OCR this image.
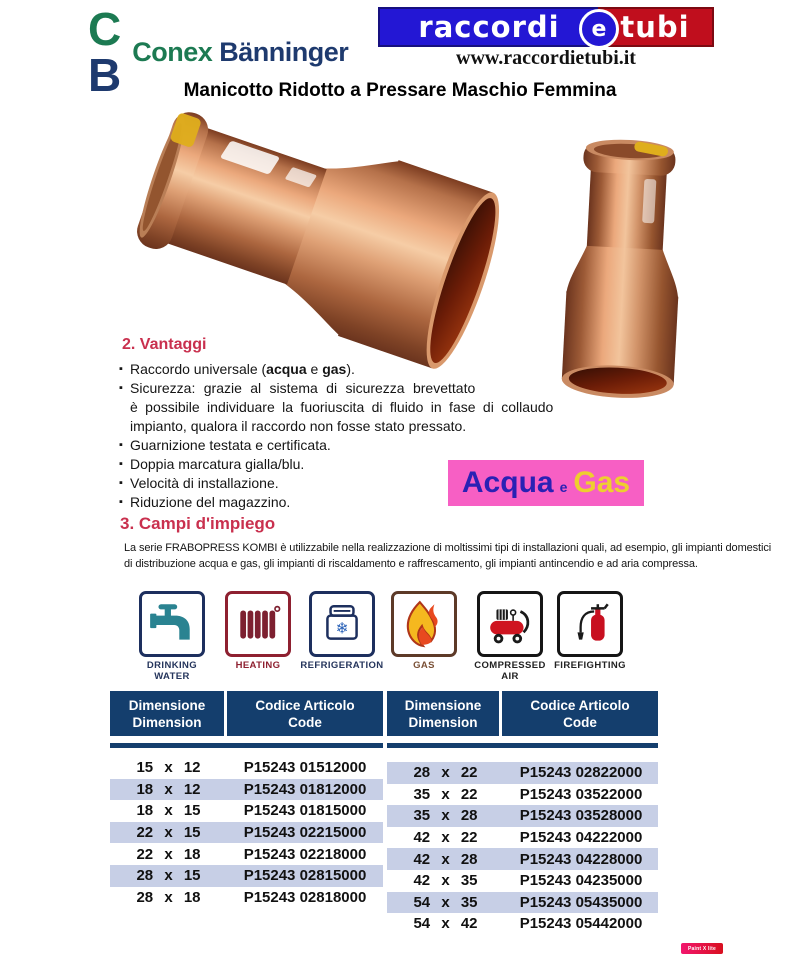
C
B Conex Bänninger
raccordi tubi
e
www.raccordietubi.it
Manicotto Ridotto a Pressare Maschio Femmina
2. Vantaggi
▪ Raccordo universale (acqua e gas).
▪ Sicurezza: grazie al sistema di sicurezza brevettato
è possibile individuare la fuoriuscita di fluido in fase di collaudo
impianto, qualora il raccordo non fosse stato pressato.
▪ Guarnizione testata e certificata.
▪ Doppia marcatura gialla/blu.
▪ Velocità di installazione.
▪ Riduzione del magazzino.
Acqua e Gas
3. Campi d'impiego
La serie FRABOPRESS KOMBI è utilizzabile nella realizzazione di moltissimi tipi di installazioni quali, ad esempio, gli impianti domestici
di distribuzione acqua e gas, gli impianti di riscaldamento e raffrescamento, gli impianti antincendio e ad aria compressa.
DRINKING
WATER
HEATING
❄
REFRIGERATION	GAS	COMPRESSED
AIR
FIREFIGHTING
Dimensione
Dimension
Codice Articolo
Code
15 x 12	P15243 01512000
18 x 12	P15243 01812000
18 x 15	P15243 01815000
22 x 15	P15243 02215000
22 x 18	P15243 02218000
28 x 15	P15243 02815000
28 x 18	P15243 02818000
Dimensione
Dimension
Codice Articolo
Code
28 x 22	P15243 02822000
35 x 22	P15243 03522000
35 x 28	P15243 03528000
42 x 22	P15243 04222000
42 x 28	P15243 04228000
42 x 35	P15243 04235000
54 x 35	P15243 05435000
54 x 42	P15243 05442000
Paint X lite
